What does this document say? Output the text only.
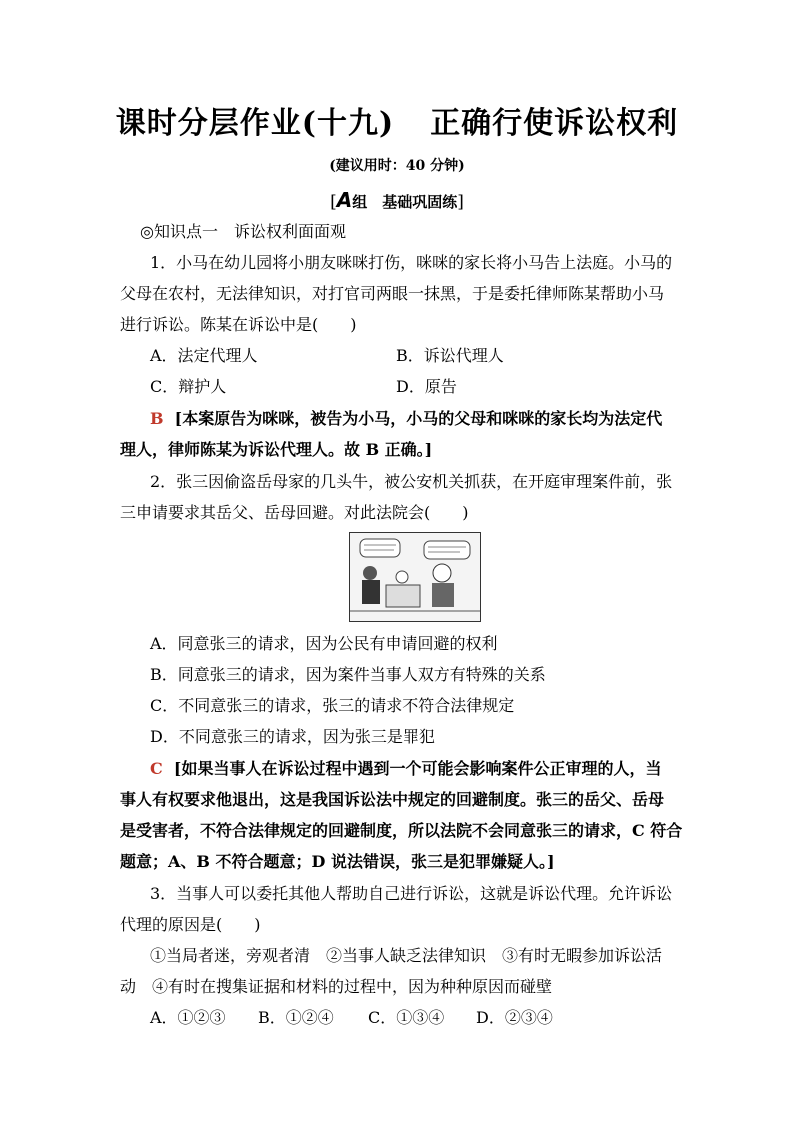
课时分层作业(十九) 正确行使诉讼权利
(建议用时：40 分钟)
[A组　基础巩固练]
◎知识点一　诉讼权利面面观
1．小马在幼儿园将小朋友咪咪打伤，咪咪的家长将小马告上法庭。小马的
父母在农村，无法律知识，对打官司两眼一抹黑，于是委托律师陈某帮助小马
进行诉讼。陈某在诉讼中是(　　)
A．法定代理人	B．诉讼代理人
C．辩护人	D．原告
B [本案原告为咪咪，被告为小马，小马的父母和咪咪的家长均为法定代
理人，律师陈某为诉讼代理人。故 B 正确。]
2．张三因偷盗岳母家的几头牛，被公安机关抓获，在开庭审理案件前，张
三申请要求其岳父、岳母回避。对此法院会(　　)
A．同意张三的请求，因为公民有申请回避的权利
B．同意张三的请求，因为案件当事人双方有特殊的关系
C．不同意张三的请求，张三的请求不符合法律规定
D．不同意张三的请求，因为张三是罪犯
C [如果当事人在诉讼过程中遇到一个可能会影响案件公正审理的人，当
事人有权要求他退出，这是我国诉讼法中规定的回避制度。张三的岳父、岳母
是受害者，不符合法律规定的回避制度，所以法院不会同意张三的请求，C 符合
题意；A、B 不符合题意；D 说法错误，张三是犯罪嫌疑人。]
3．当事人可以委托其他人帮助自己进行诉讼，这就是诉讼代理。允许诉讼
代理的原因是(　　)
①当局者迷，旁观者清　②当事人缺乏法律知识　③有时无暇参加诉讼活
动　④有时在搜集证据和材料的过程中，因为种种原因而碰壁
A．①②③ B．①②④ C．①③④ D．②③④
